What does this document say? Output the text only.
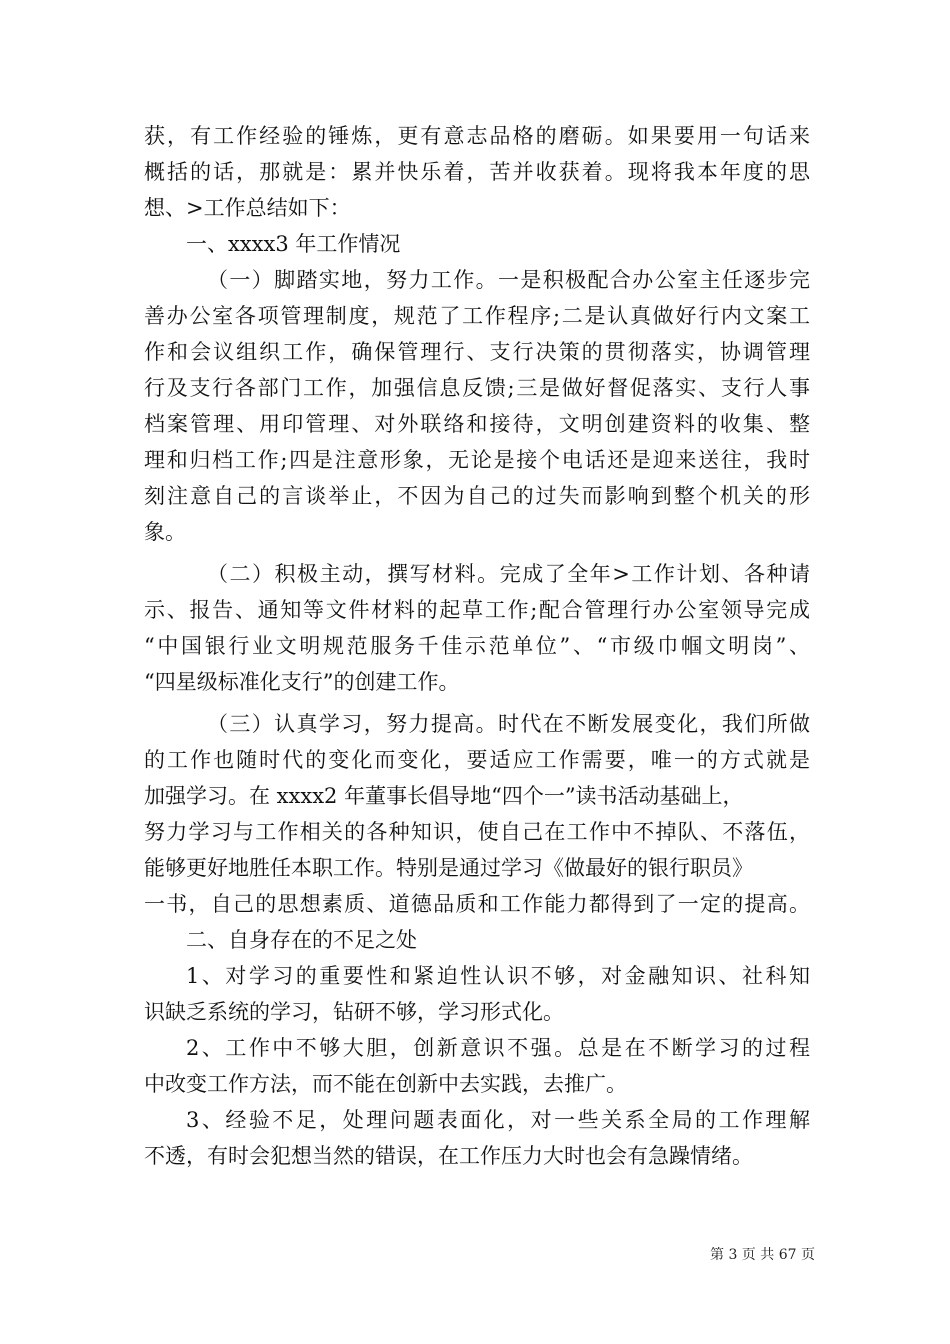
获，有工作经验的锤炼，更有意志品格的磨砺。如果要用一句话来
概括的话，那就是：累并快乐着，苦并收获着。现将我本年度的思
想、>工作总结如下：
一、xxxx3 年工作情况
（一）脚踏实地，努力工作。一是积极配合办公室主任逐步完
善办公室各项管理制度，规范了工作程序;二是认真做好行内文案工
作和会议组织工作，确保管理行、支行决策的贯彻落实，协调管理
行及支行各部门工作，加强信息反馈;三是做好督促落实、支行人事
档案管理、用印管理、对外联络和接待，文明创建资料的收集、整
理和归档工作;四是注意形象，无论是接个电话还是迎来送往，我时
刻注意自己的言谈举止，不因为自己的过失而影响到整个机关的形
象。
（二）积极主动，撰写材料。完成了全年>工作计划、各种请
示、报告、通知等文件材料的起草工作;配合管理行办公室领导完成
“中国银行业文明规范服务千佳示范单位”、“市级巾帼文明岗”、
“四星级标准化支行”的创建工作。
（三）认真学习，努力提高。时代在不断发展变化，我们所做
的工作也随时代的变化而变化，要适应工作需要，唯一的方式就是
加强学习。在 xxxx2 年董事长倡导地“四个一”读书活动基础上，
努力学习与工作相关的各种知识，使自己在工作中不掉队、不落伍，
能够更好地胜任本职工作。特别是通过学习《做最好的银行职员》
一书，自己的思想素质、道德品质和工作能力都得到了一定的提高。
二、自身存在的不足之处
1、对学习的重要性和紧迫性认识不够，对金融知识、社科知
识缺乏系统的学习，钻研不够，学习形式化。
2、工作中不够大胆，创新意识不强。总是在不断学习的过程
中改变工作方法，而不能在创新中去实践，去推广。
3、经验不足，处理问题表面化，对一些关系全局的工作理解
不透，有时会犯想当然的错误，在工作压力大时也会有急躁情绪。
第 3 页 共 67 页
